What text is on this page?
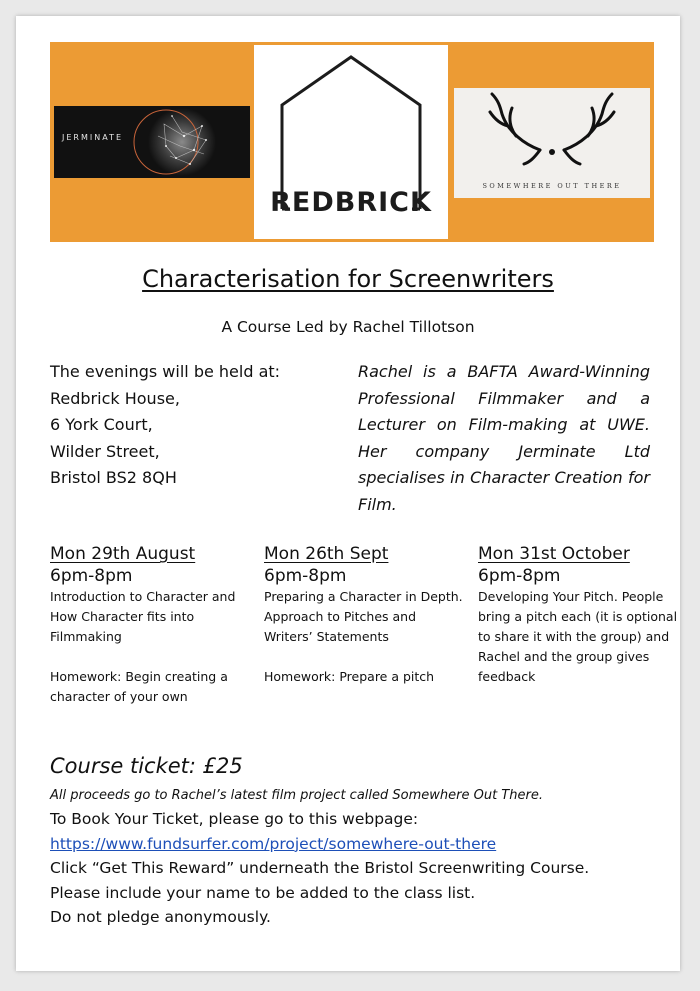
JERMINATE
REDBRICK
SOMEWHERE OUT THERE
Characterisation for Screenwriters
A Course Led by Rachel Tillotson
The evenings will be held at:
Redbrick House,
6 York Court,
Wilder Street,
Bristol BS2 8QH
Rachel is a BAFTA Award-Winning Professional Filmmaker and a Lecturer on Film-making at UWE. Her company Jerminate Ltd specialises in Character Creation for Film.
Mon 29th August
6pm-8pm
Introduction to Character and How Character fits into Filmmaking
Homework: Begin creating a character of your own
Mon 26th Sept
6pm-8pm
Preparing a Character in Depth. Approach to Pitches and Writers’ Statements
Homework: Prepare a pitch
Mon 31st October
6pm-8pm
Developing Your Pitch. People bring a pitch each (it is optional to share it with the group) and Rachel and the group gives feedback
Course ticket: £25
All proceeds go to Rachel’s latest film project called Somewhere Out There.
To Book Your Ticket, please go to this webpage:
https://www.fundsurfer.com/project/somewhere-out-there
Click “Get This Reward” underneath the Bristol Screenwriting Course.
Please include your name to be added to the class list.
Do not pledge anonymously.
